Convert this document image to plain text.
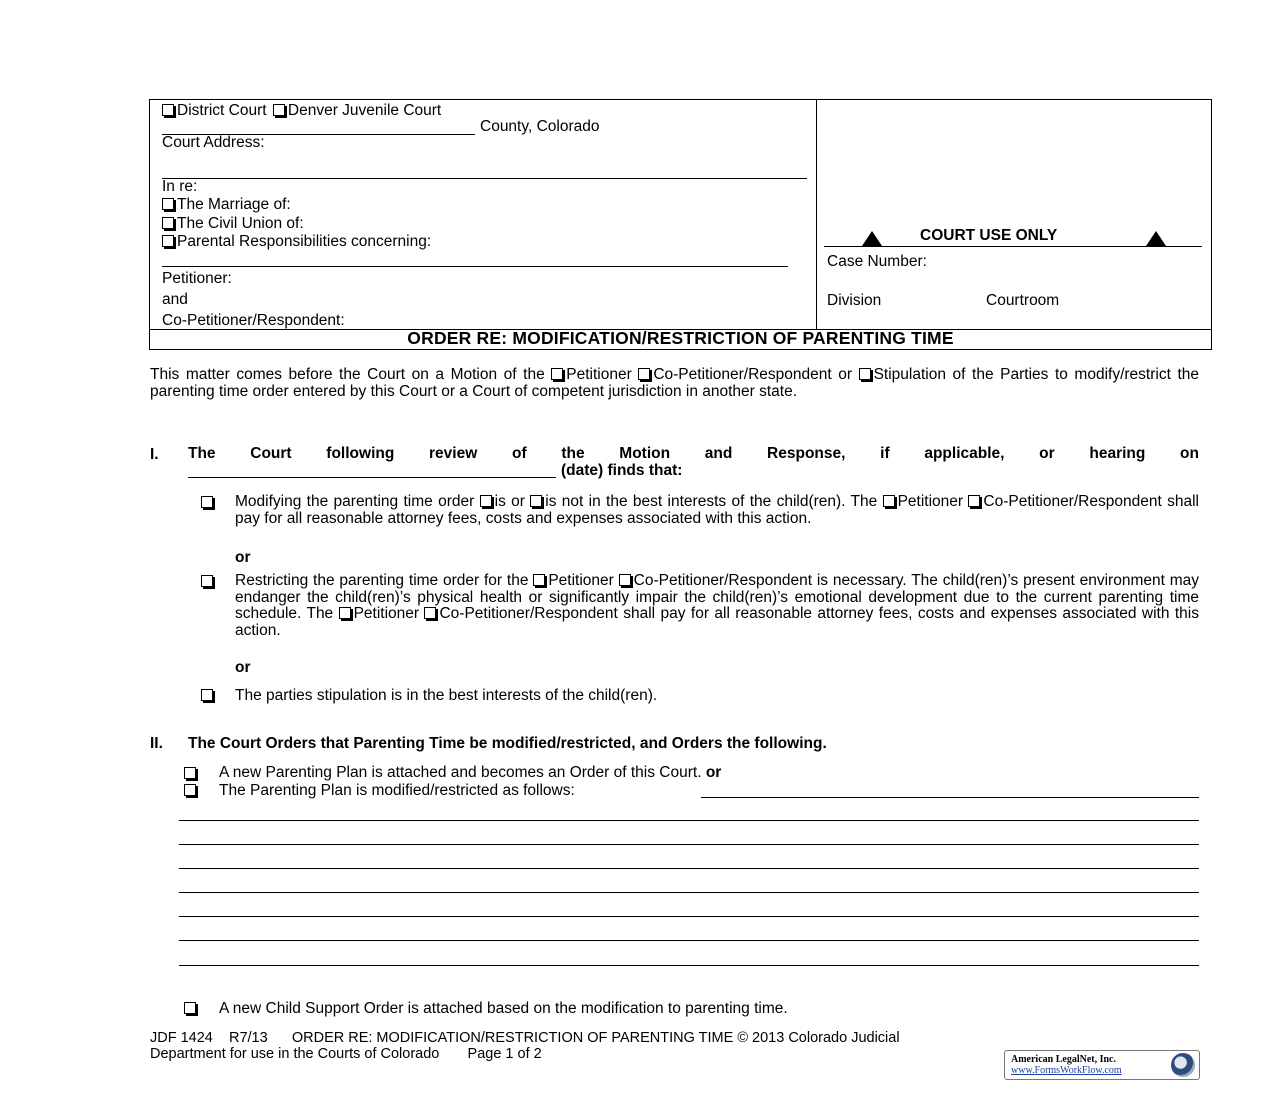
District Court Denver Juvenile Court
County, Colorado
Court Address:
In re:
The Marriage of:
The Civil Union of:
Parental Responsibilities concerning:
Petitioner:
and
Co-Petitioner/Respondent:
COURT USE ONLY
Case Number:
Division	Courtroom
ORDER RE: MODIFICATION/RESTRICTION OF PARENTING TIME
This matter comes before the Court on a Motion of the Petitioner Co-Petitioner/Respondent or Stipulation of the Parties to modify/restrict the parenting time order entered by this Court or a Court of competent jurisdiction in another state.
I. The Court following review of the Motion and Response, if applicable, or hearing on
(date) finds that:
Modifying the parenting time order is or is not in the best interests of the child(ren). The Petitioner Co-Petitioner/Respondent shall pay for all reasonable attorney fees, costs and expenses associated with this action.
or
Restricting the parenting time order for the Petitioner Co-Petitioner/Respondent is necessary. The child(ren)’s present environment may endanger the child(ren)’s physical health or significantly impair the child(ren)’s emotional development due to the current parenting time schedule. The Petitioner Co-Petitioner/Respondent shall pay for all reasonable attorney fees, costs and expenses associated with this action.
or
The parties stipulation is in the best interests of the child(ren).
II. The Court Orders that Parenting Time be modified/restricted, and Orders the following.
A new Parenting Plan is attached and becomes an Order of this Court. or
The Parenting Plan is modified/restricted as follows:
A new Child Support Order is attached based on the modification to parenting time.
JDF 1424    R7/13      ORDER RE: MODIFICATION/RESTRICTION OF PARENTING TIME © 2013 Colorado Judicial
Department for use in the Courts of Colorado       Page 1 of 2	American LegalNet, Inc.
www.FormsWorkFlow.com
